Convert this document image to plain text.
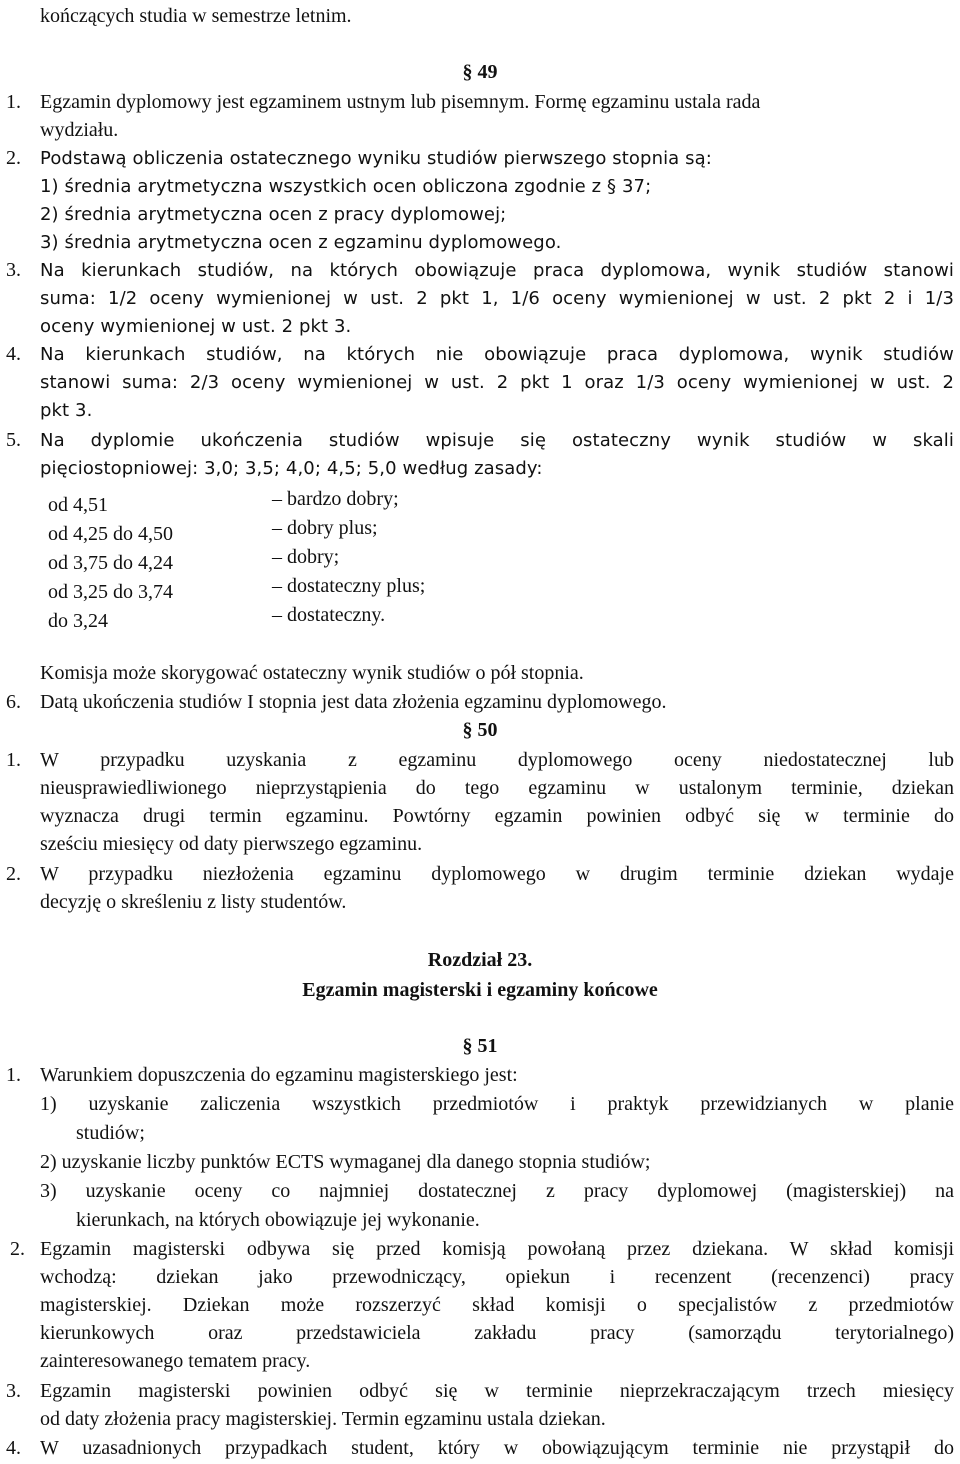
kończących studia w semestrze letnim.
§ 49
1. Egzamin dyplomowy jest egzaminem ustnym lub pisemnym. Formę egzaminu ustala rada
wydziału.
2. Podstawą obliczenia ostatecznego wyniku studiów pierwszego stopnia są:
1) średnia arytmetyczna wszystkich ocen obliczona zgodnie z § 37;
2) średnia arytmetyczna ocen z pracy dyplomowej;
3) średnia arytmetyczna ocen z egzaminu dyplomowego.
3. Na kierunkach studiów, na których obowiązuje praca dyplomowa, wynik studiów stanowi
suma: 1/2 oceny wymienionej w ust. 2 pkt 1, 1/6 oceny wymienionej w ust. 2 pkt 2 i 1/3
oceny wymienionej w ust. 2 pkt 3.
4. Na kierunkach studiów, na których nie obowiązuje praca dyplomowa, wynik studiów
stanowi suma: 2/3 oceny wymienionej w ust. 2 pkt 1 oraz 1/3 oceny wymienionej w ust. 2
pkt 3.
5. Na dyplomie ukończenia studiów wpisuje się ostateczny wynik studiów w skali
pięciostopniowej: 3,0; 3,5; 4,0; 4,5; 5,0 według zasady:
od 4,51	– bardzo dobry;
od 4,25 do 4,50	– dobry plus;
od 3,75 do 4,24	– dobry;
od 3,25 do 3,74	– dostateczny plus;
do 3,24	– dostateczny.
Komisja może skorygować ostateczny wynik studiów o pół stopnia.
6. Datą ukończenia studiów I stopnia jest data złożenia egzaminu dyplomowego.
§ 50
1. W przypadku uzyskania z egzaminu dyplomowego oceny niedostatecznej lub
nieusprawiedliwionego nieprzystąpienia do tego egzaminu w ustalonym terminie, dziekan
wyznacza drugi termin egzaminu. Powtórny egzamin powinien odbyć się w terminie do
sześciu miesięcy od daty pierwszego egzaminu.
2. W przypadku niezłożenia egzaminu dyplomowego w drugim terminie dziekan wydaje
decyzję o skreśleniu z listy studentów.
Rozdział 23.
Egzamin magisterski i egzaminy końcowe
§ 51
1. Warunkiem dopuszczenia do egzaminu magisterskiego jest:
1) uzyskanie zaliczenia wszystkich przedmiotów i praktyk przewidzianych w planie
studiów;
2) uzyskanie liczby punktów ECTS wymaganej dla danego stopnia studiów;
3) uzyskanie oceny co najmniej dostatecznej z pracy dyplomowej (magisterskiej) na
kierunkach, na których obowiązuje jej wykonanie.
2. Egzamin magisterski odbywa się przed komisją powołaną przez dziekana. W skład komisji
wchodzą: dziekan jako przewodniczący, opiekun i recenzent (recenzenci) pracy
magisterskiej. Dziekan może rozszerzyć skład komisji o specjalistów z przedmiotów
kierunkowych oraz przedstawiciela zakładu pracy (samorządu terytorialnego)
zainteresowanego tematem pracy.
3. Egzamin magisterski powinien odbyć się w terminie nieprzekraczającym trzech miesięcy
od daty złożenia pracy magisterskiej. Termin egzaminu ustala dziekan.
4. W uzasadnionych przypadkach student, który w obowiązującym terminie nie przystąpił do
